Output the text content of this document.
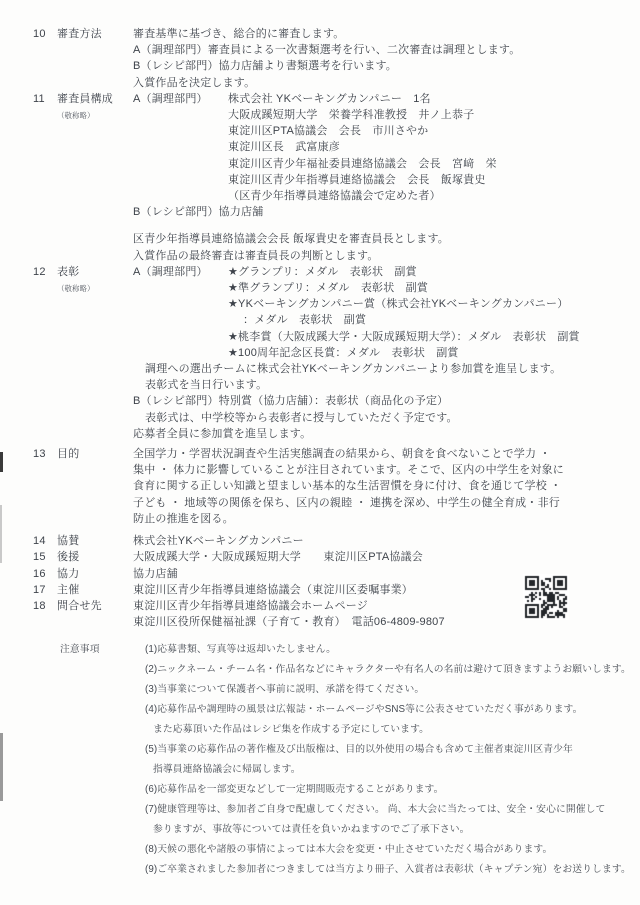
10	審査方法	審査基準に基づき、総合的に審査します。
A（調理部門）審査員による一次書類選考を行い、二次審査は調理とします。
B（レシピ部門）協力店舗より書類選考を行います。
入賞作品を決定します。
11	審査員構成
（敬称略）
A（調理部門） 株式会社 YKベーキングカンパニー　1名
大阪成蹊短期大学　栄養学科准教授　井ノ上恭子
東淀川区PTA協議会　会長　市川さやか
東淀川区長　武富康彦
東淀川区青少年福祉委員連絡協議会　会長　宮﨑　栄
東淀川区青少年指導員連絡協議会　会長　飯塚貴史
（区青少年指導員連絡協議会で定めた者）
B（レシピ部門）協力店舗
区青少年指導員連絡協議会会長 飯塚貴史を審査員長とします。
入賞作品の最終審査は審査員長の判断とします。
12	表彰
（敬称略）
A（調理部門） ★グランプリ：メダル　表彰状　副賞
★準グランプリ：メダル　表彰状　副賞
★YKベーキングカンパニー賞（株式会社YKベーキングカンパニー）
：メダル　表彰状　副賞
★桃李賞（大阪成蹊大学・大阪成蹊短期大学）：メダル　表彰状　副賞
★100周年記念区長賞：メダル　表彰状　副賞
調理への選出チームに株式会社YKベーキングカンパニーより参加賞を進呈します。
表彰式を当日行います。
B（レシピ部門）特別賞（協力店舗）：表彰状（商品化の予定）
表彰式は、中学校等から表彰者に授与していただく予定です。
応募者全員に参加賞を進呈します。
13	目的	全国学力・学習状況調査や生活実態調査の結果から、朝食を食べないことで学力 ・
集中 ・ 体力に影響していることが注目されています。そこで、区内の中学生を対象に
食育に関する正しい知識と望ましい基本的な生活習慣を身に付け、食を通じて学校 ・
子ども ・ 地域等の関係を保ち、区内の親睦 ・ 連携を深め、中学生の健全育成・非行
防止の推進を図る。
14	協賛	株式会社YKベーキングカンパニー
15	後援	大阪成蹊大学・大阪成蹊短期大学　　東淀川区PTA協議会
16	協力	協力店舗
17	主催	東淀川区青少年指導員連絡協議会（東淀川区委嘱事業）
18	問合せ先	東淀川区青少年指導員連絡協議会ホームページ
東淀川区役所保健福祉課（子育て・教育）　電話06-4809-9807
注意事項	(1)応募書類、写真等は返却いたしません。
(2)ニックネーム・チーム名・作品名などにキャラクターや有名人の名前は避けて頂きますようお願いします。
(3)当事業について保護者へ事前に説明、承諾を得てください。
(4)応募作品や調理時の風景は広報誌・ホームページやSNS等に公表させていただく事があります。
また応募頂いた作品はレシピ集を作成する予定にしています。
(5)当事業の応募作品の著作権及び出版権は、目的以外使用の場合も含めて主催者東淀川区青少年
指導員連絡協議会に帰属します。
(6)応募作品を一部変更などして一定期間販売することがあります。
(7)健康管理等は、参加者ご自身で配慮してください。 尚、本大会に当たっては、安全・安心に開催して
参りますが、事故等については責任を負いかねますのでご了承下さい。
(8)天候の悪化や諸般の事情によっては本大会を変更・中止させていただく場合があります。
(9)ご卒業されました参加者につきましては当方より冊子、入賞者は表彰状（キャプテン宛）をお送りします。
